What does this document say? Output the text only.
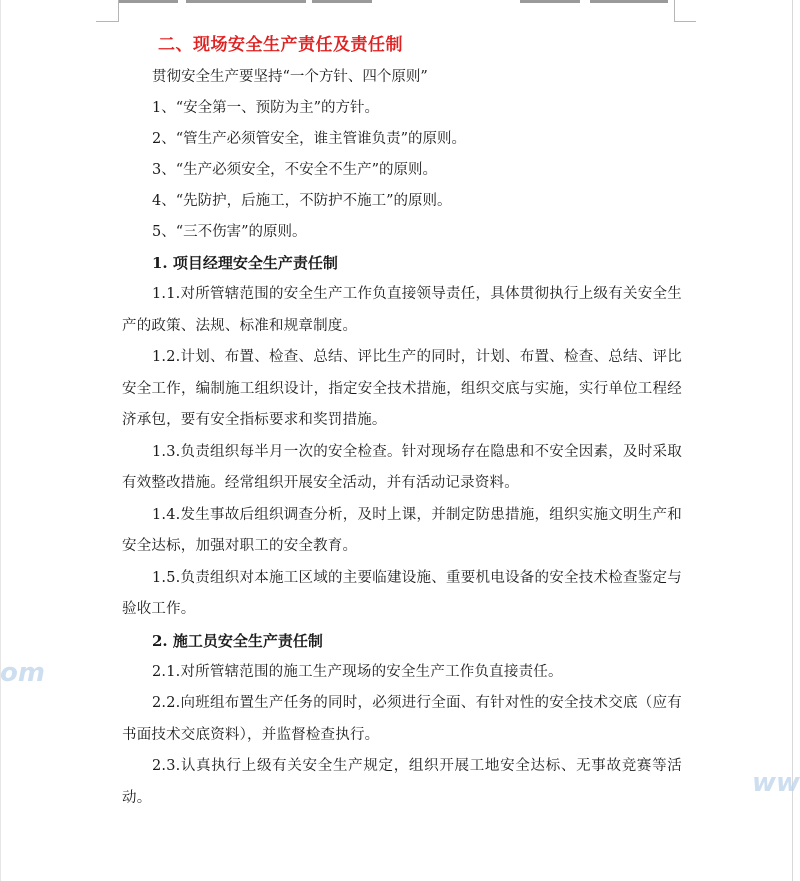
二、现场安全生产责任及责任制

贯彻安全生产要坚持“一个方针、四个原则”

1、“安全第一、预防为主”的方针。

2、“管生产必须管安全，谁主管谁负责”的原则。

3、“生产必须安全，不安全不生产”的原则。

4、“先防护，后施工，不防护不施工”的原则。

5、“三不伤害”的原则。

1. 项目经理安全生产责任制

1.1.对所管辖范围的安全生产工作负直接领导责任，具体贯彻执行上级有关安全生产的政策、法规、标准和规章制度。

1.2.计划、布置、检查、总结、评比生产的同时，计划、布置、检查、总结、评比安全工作，编制施工组织设计，指定安全技术措施，组织交底与实施，实行单位工程经济承包，要有安全指标要求和奖罚措施。

1.3.负责组织每半月一次的安全检查。针对现场存在隐患和不安全因素，及时采取有效整改措施。经常组织开展安全活动，并有活动记录资料。

1.4.发生事故后组织调查分析，及时上课，并制定防患措施，组织实施文明生产和安全达标，加强对职工的安全教育。

1.5.负责组织对本施工区域的主要临建设施、重要机电设备的安全技术检查鉴定与验收工作。

2. 施工员安全生产责任制

2.1.对所管辖范围的施工生产现场的安全生产工作负直接责任。

2.2.向班组布置生产任务的同时，必须进行全面、有针对性的安全技术交底（应有书面技术交底资料），并监督检查执行。

2.3.认真执行上级有关安全生产规定，组织开展工地安全达标、无事故竞赛等活动。

om
ww
